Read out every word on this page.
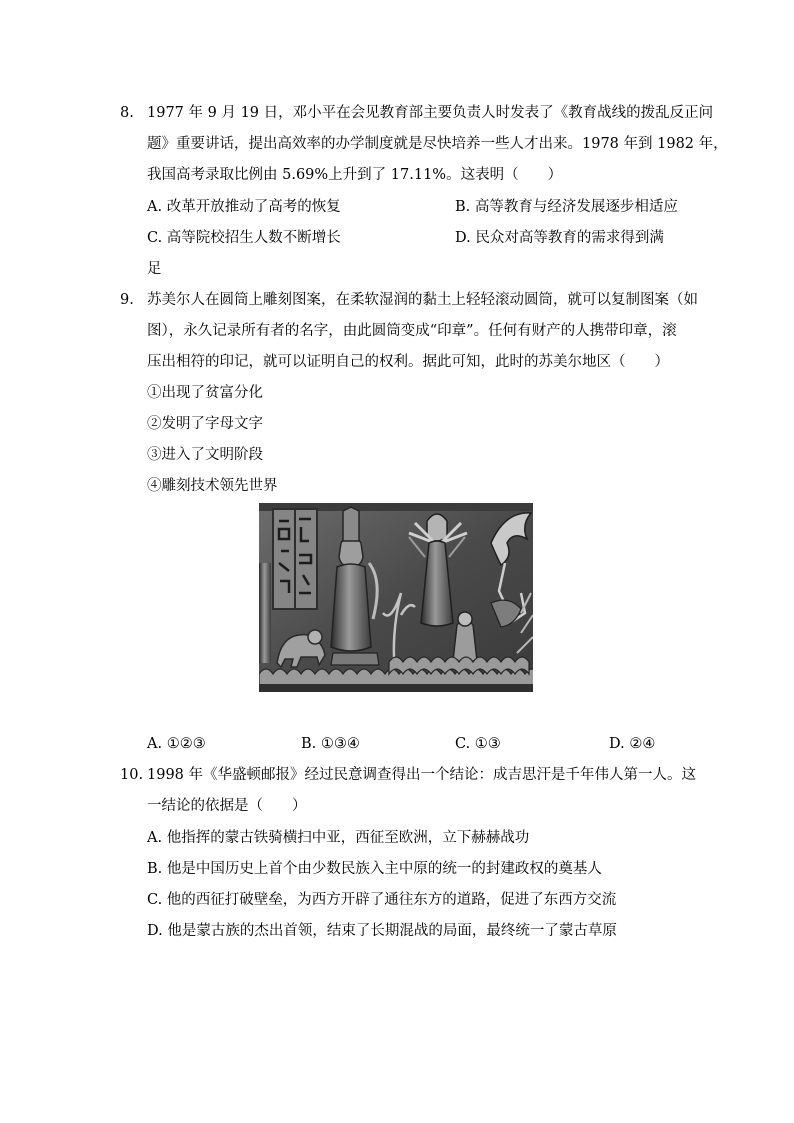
8. 1977 年 9 月 19 日，邓小平在会见教育部主要负责人时发表了《教育战线的拨乱反正问
题》重要讲话，提出高效率的办学制度就是尽快培养一些人才出来。1978 年到 1982 年，
我国高考录取比例由 5.69%上升到了 17.11%。这表明（　　）
A. 改革开放推动了高考的恢复	B. 高等教育与经济发展逐步相适应
C. 高等院校招生人数不断增长	D. 民众对高等教育的需求得到满
足
9. 苏美尔人在圆筒上雕刻图案，在柔软湿润的黏土上轻轻滚动圆筒，就可以复制图案（如
图），永久记录所有者的名字，由此圆筒变成“印章”。任何有财产的人携带印章，滚
压出相符的印记，就可以证明自己的权利。据此可知，此时的苏美尔地区（　　）
①出现了贫富分化
②发明了字母文字
③进入了文明阶段
④雕刻技术领先世界
A. ①②③	B. ①③④	C. ①③	D. ②④
10. 1998 年《华盛顿邮报》经过民意调查得出一个结论：成吉思汗是千年伟人第一人。这
一结论的依据是（　　）
A. 他指挥的蒙古铁骑横扫中亚，西征至欧洲，立下赫赫战功
B. 他是中国历史上首个由少数民族入主中原的统一的封建政权的奠基人
C. 他的西征打破壁垒，为西方开辟了通往东方的道路，促进了东西方交流
D. 他是蒙古族的杰出首领，结束了长期混战的局面，最终统一了蒙古草原
